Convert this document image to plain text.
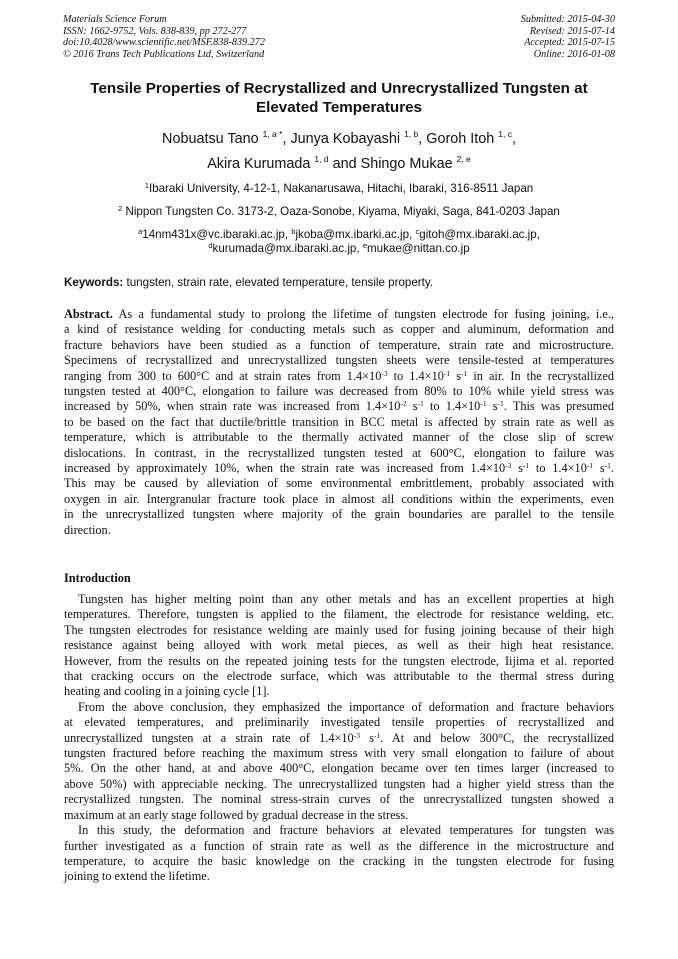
Materials Science Forum
ISSN: 1662-9752, Vols. 838-839, pp 272-277
doi:10.4028/www.scientific.net/MSF.838-839.272
© 2016 Trans Tech Publications Ltd, Switzerland
Submitted: 2015-04-30
Revised: 2015-07-14
Accepted: 2015-07-15
Online: 2016-01-08
Tensile Properties of Recrystallized and Unrecrystallized Tungsten at
Elevated Temperatures
Nobuatsu Tano $^{1, a *}$, Junya Kobayashi $^{1, b}$, Goroh Itoh $^{1, c}$,
Akira Kurumada $^{1, d}$ and Shingo Mukae $^{2, e}$
$^1$Ibaraki University, 4-12-1, Nakanarusawa, Hitachi, Ibaraki, 316-8511 Japan
$^2$ Nippon Tungsten Co. 3173-2, Oaza-Sonobe, Kiyama, Miyaki, Saga, 841-0203 Japan
$^a$14nm431x@vc.ibaraki.ac.jp, $^b$jkoba@mx.ibarki.ac.jp, $^c$gitoh@mx.ibaraki.ac.jp,
$^d$kurumada@mx.ibaraki.ac.jp, $^e$mukae@nittan.co.jp
Keywords: tungsten, strain rate, elevated temperature, tensile property.
Abstract. As a fundamental study to prolong the lifetime of tungsten electrode for fusing joining, i.e.,
a kind of resistance welding for conducting metals such as copper and aluminum, deformation and
fracture behaviors have been studied as a function of temperature, strain rate and microstructure.
Specimens of recrystallized and unrecrystallized tungsten sheets were tensile-tested at temperatures
ranging from 300 to 600°C and at strain rates from $1.4\times 10^{-3}$ to $1.4\times 10^{-1}$ $s^{-1}$ in air. In the recrystallized
tungsten tested at 400°C, elongation to failure was decreased from 80% to 10% while yield stress was
increased by 50%, when strain rate was increased from $1.4\times 10^{-2}$ $s^{-1}$ to $1.4\times 10^{-1}$ $s^{-1}$. This was presumed
to be based on the fact that ductile/brittle transition in BCC metal is affected by strain rate as well as
temperature, which is attributable to the thermally activated manner of the close slip of screw
dislocations. In contrast, in the recrystallized tungsten tested at 600°C, elongation to failure was
increased by approximately 10%, when the strain rate was increased from $1.4\times 10^{-3}$ $s^{-1}$ to $1.4\times 10^{-1}$ $s^{-1}$.
This may be caused by alleviation of some environmental embrittlement, probably associated with
oxygen in air. Intergranular fracture took place in almost all conditions within the experiments, even
in the unrecrystallized tungsten where majority of the grain boundaries are parallel to the tensile
direction.
Introduction
Tungsten has higher melting point than any other metals and has an excellent properties at high
temperatures. Therefore, tungsten is applied to the filament, the electrode for resistance welding, etc.
The tungsten electrodes for resistance welding are mainly used for fusing joining because of their high
resistance against being alloyed with work metal pieces, as well as their high heat resistance.
However, from the results on the repeated joining tests for the tungsten electrode, Iijima et al. reported
that cracking occurs on the electrode surface, which was attributable to the thermal stress during
heating and cooling in a joining cycle [1].
From the above conclusion, they emphasized the importance of deformation and fracture behaviors
at elevated temperatures, and preliminarily investigated tensile properties of recrystallized and
unrecrystallized tungsten at a strain rate of $1.4\times 10^{-3}$ $s^{-1}$. At and below 300°C, the recrystallized
tungsten fractured before reaching the maximum stress with very small elongation to failure of about
5%. On the other hand, at and above 400°C, elongation became over ten times larger (increased to
above 50%) with appreciable necking. The unrecrystallized tungsten had a higher yield stress than the
recrystallized tungsten. The nominal stress-strain curves of the unrecrystallized tungsten showed a
maximum at an early stage followed by gradual decrease in the stress.
In this study, the deformation and fracture behaviors at elevated temperatures for tungsten was
further investigated as a function of strain rate as well as the difference in the microstructure and
temperature, to acquire the basic knowledge on the cracking in the tungsten electrode for fusing
joining to extend the lifetime.
